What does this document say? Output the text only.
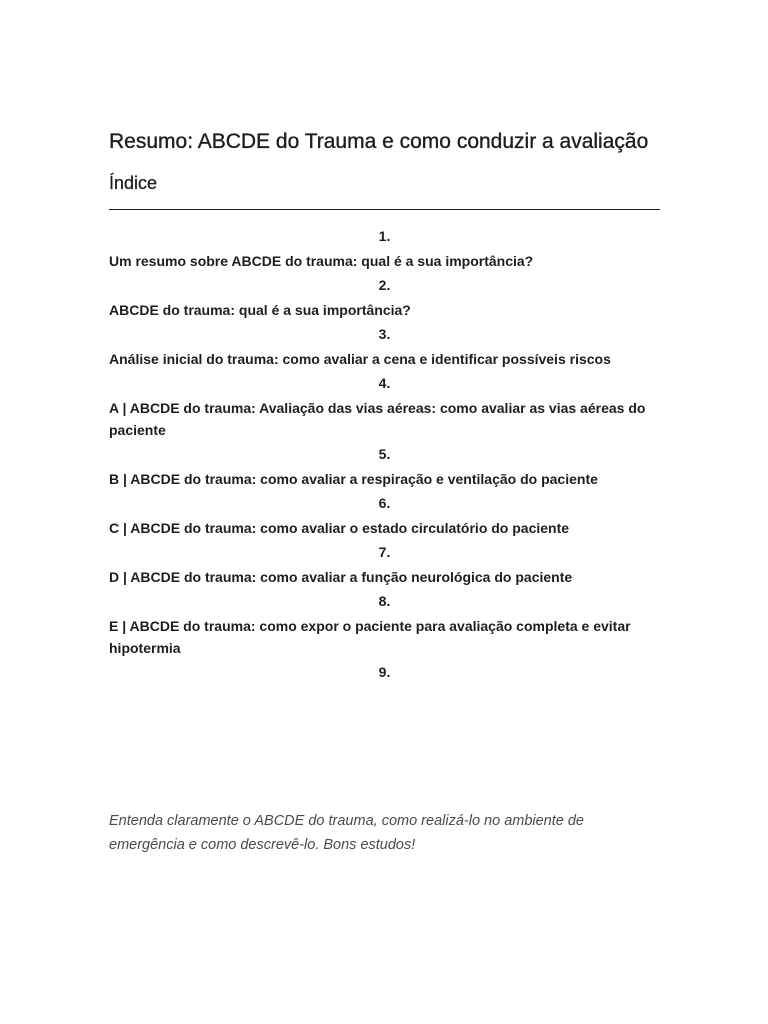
Resumo: ABCDE do Trauma e como conduzir a avaliação
Índice
1.
Um resumo sobre ABCDE do trauma: qual é a sua importância?
2.
ABCDE do trauma: qual é a sua importância?
3.
Análise inicial do trauma: como avaliar a cena e identificar possíveis riscos
4.
A | ABCDE do trauma: Avaliação das vias aéreas: como avaliar as vias aéreas do paciente
5.
B | ABCDE do trauma: como avaliar a respiração e ventilação do paciente
6.
C | ABCDE do trauma: como avaliar o estado circulatório do paciente
7.
D | ABCDE do trauma: como avaliar a função neurológica do paciente
8.
E | ABCDE do trauma: como expor o paciente para avaliação completa e evitar hipotermia
9.

Entenda claramente o ABCDE do trauma, como realizá-lo no ambiente de emergência e como descrevê-lo. Bons estudos!
